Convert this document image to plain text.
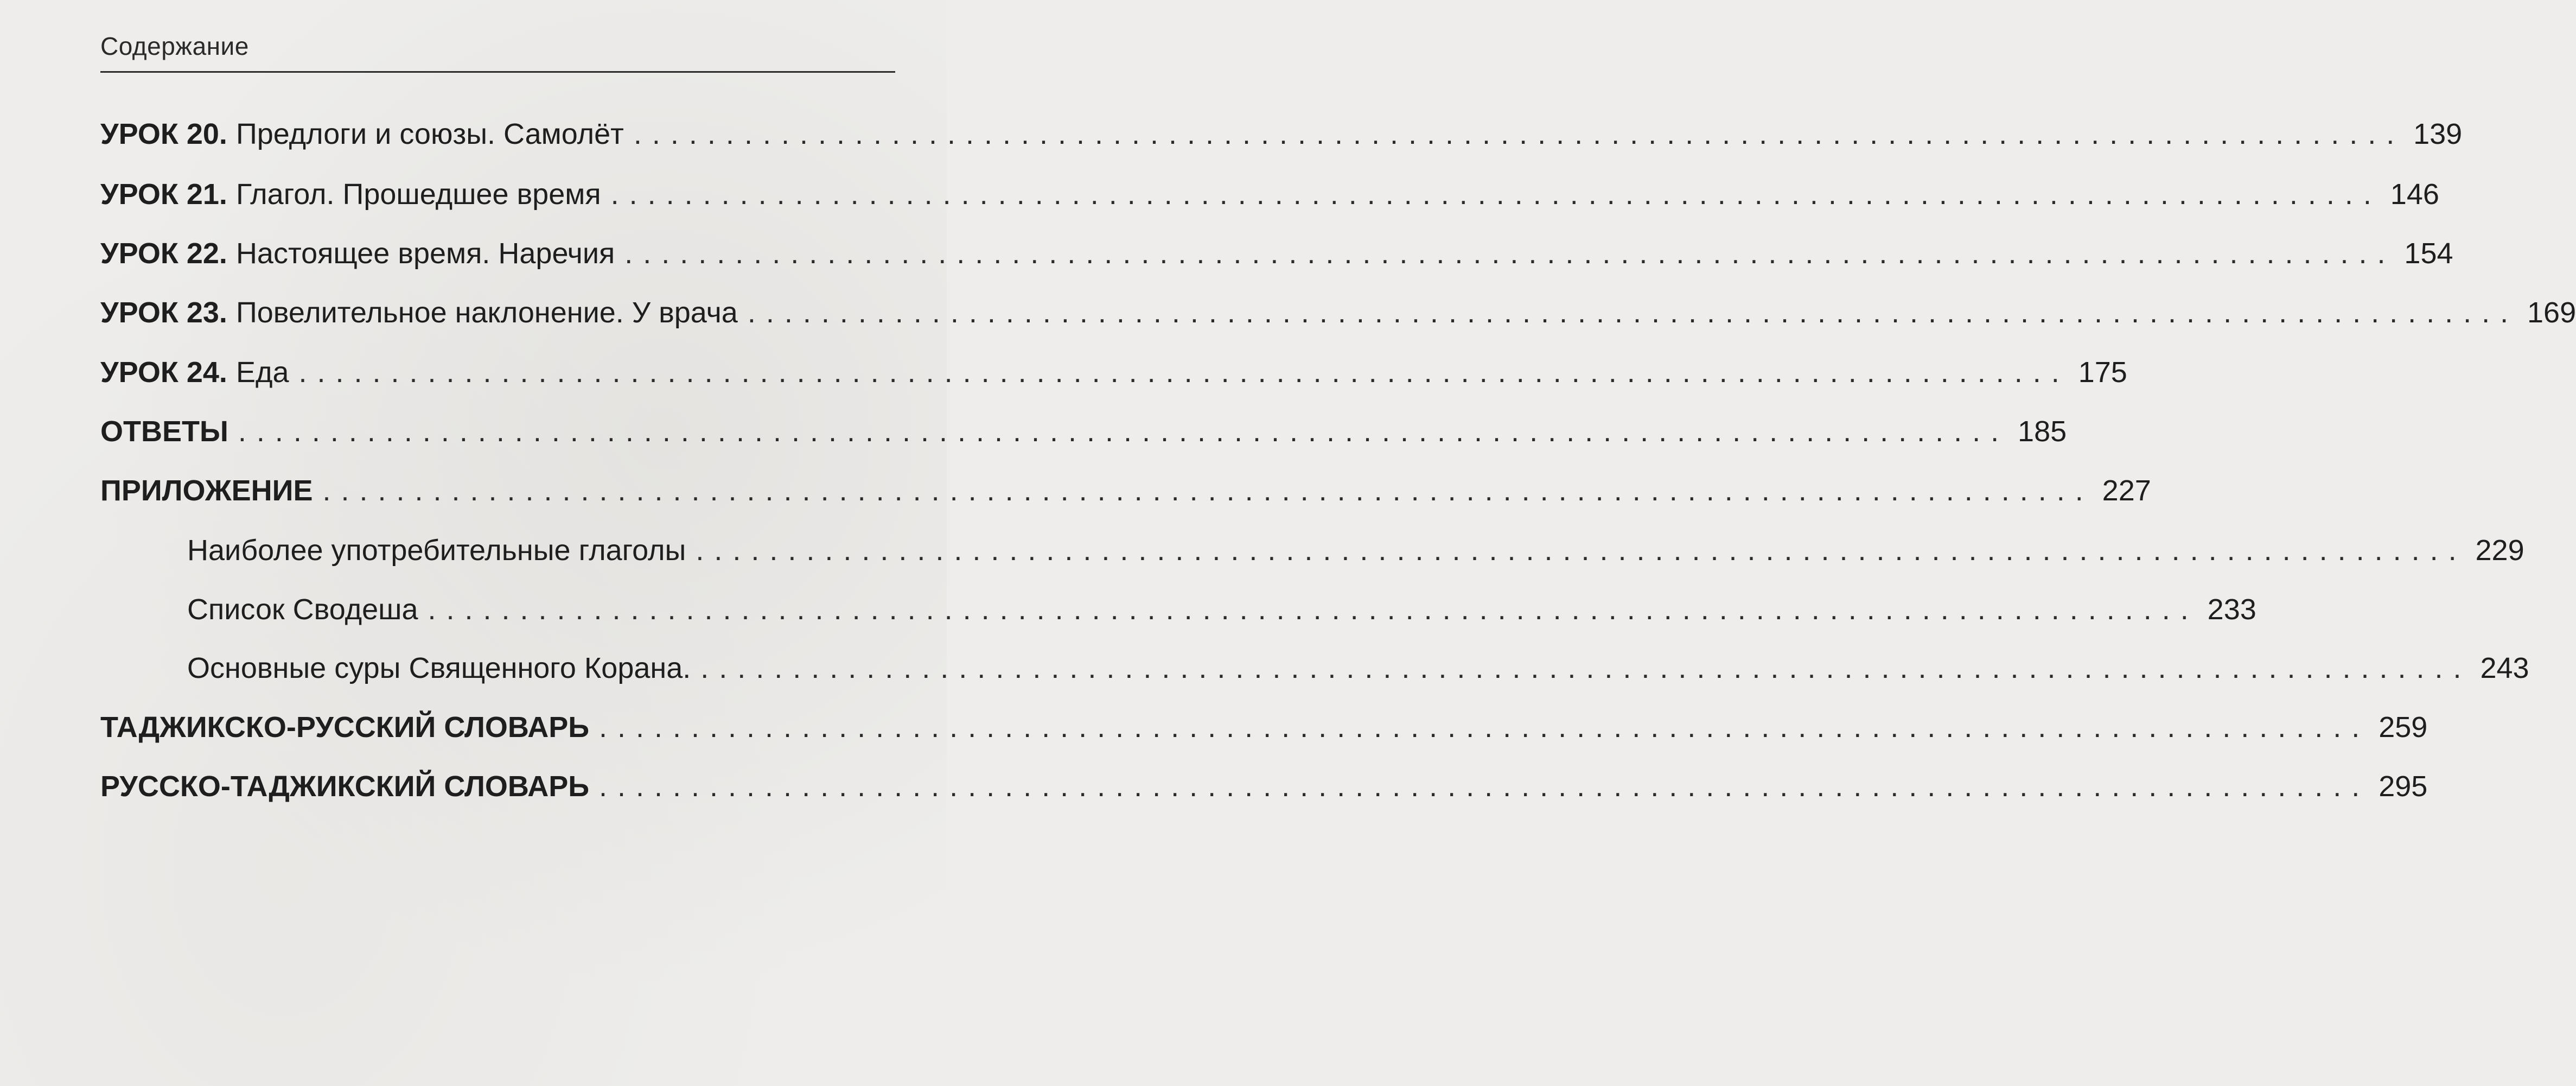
Содержание
УРОК 20. Предлоги и союзы. Самолёт ................................................................................................ 139
УРОК 21. Глагол. Прошедшее время ................................................................................................ 146
УРОК 22. Настоящее время. Наречия ................................................................................................ 154
УРОК 23. Повелительное наклонение. У врача ................................................................................................ 169
УРОК 24. Еда ................................................................................................ 175
ОТВЕТЫ ................................................................................................ 185
ПРИЛОЖЕНИЕ ................................................................................................ 227
Наиболее употребительные глаголы ................................................................................................ 229
Список Сводеша ................................................................................................ 233
Основные суры Священного Корана. ................................................................................................ 243
ТАДЖИКСКО-РУССКИЙ СЛОВАРЬ ................................................................................................ 259
РУССКО-ТАДЖИКСКИЙ СЛОВАРЬ ................................................................................................ 295
